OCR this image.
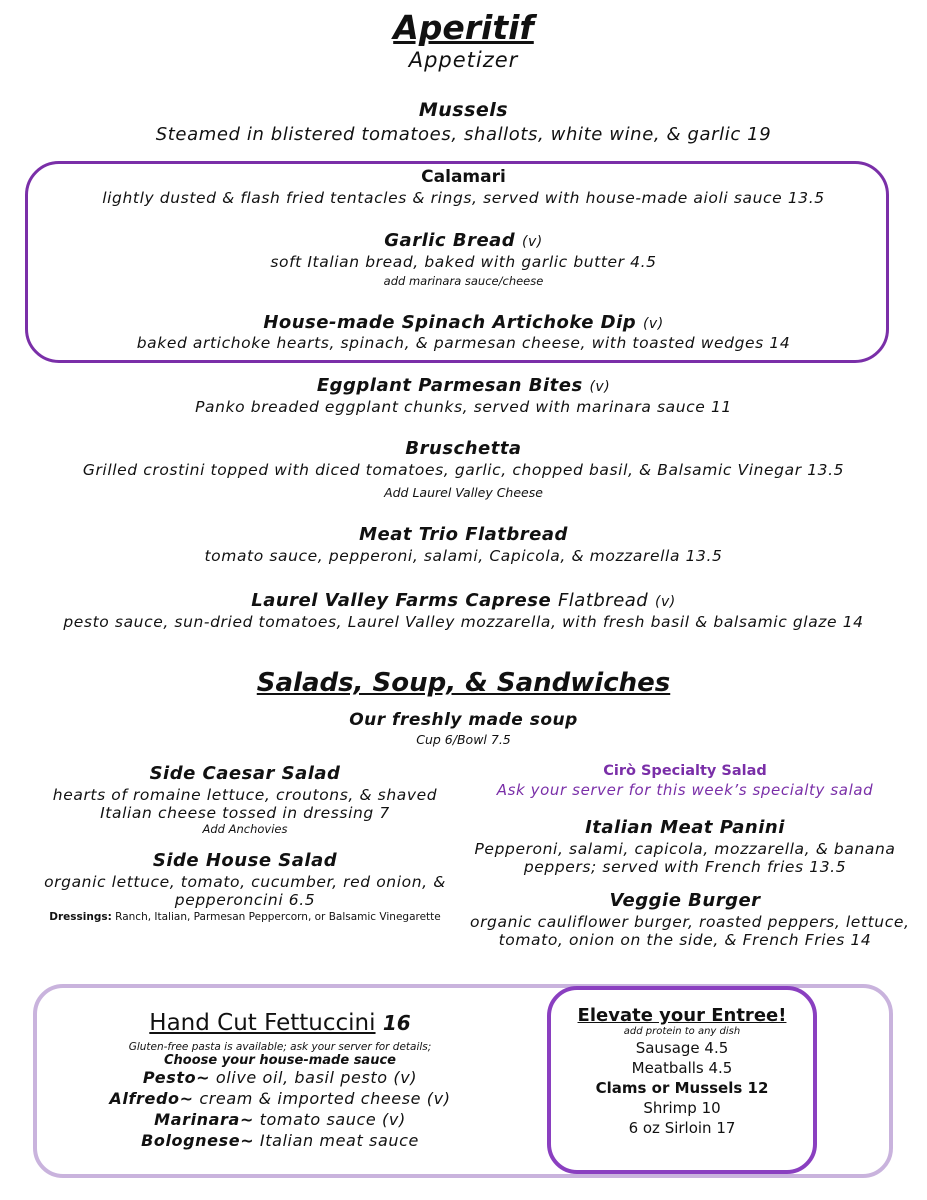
Aperitif
Appetizer
Mussels
Steamed in blistered tomatoes, shallots, white wine, & garlic 19
Calamari
lightly dusted & flash fried tentacles & rings, served with house-made aioli sauce 13.5
Garlic Bread (v)
soft Italian bread, baked with garlic butter 4.5
add marinara sauce/cheese
House-made Spinach Artichoke Dip (v)
baked artichoke hearts, spinach, & parmesan cheese, with toasted wedges 14
Eggplant Parmesan Bites (v)
Panko breaded eggplant chunks, served with marinara sauce 11
Bruschetta
Grilled crostini topped with diced tomatoes, garlic, chopped basil, & Balsamic Vinegar 13.5
Add Laurel Valley Cheese
Meat Trio Flatbread
tomato sauce, pepperoni, salami, Capicola, & mozzarella 13.5
Laurel Valley Farms Caprese Flatbread (v)
pesto sauce, sun-dried tomatoes, Laurel Valley mozzarella, with fresh basil & balsamic glaze 14
Salads, Soup, & Sandwiches
Our freshly made soup
Cup 6/Bowl 7.5
Side Caesar Salad
hearts of romaine lettuce, croutons, & shaved
Italian cheese tossed in dressing 7
Add Anchovies
Side House Salad
organic lettuce, tomato, cucumber, red onion, &
pepperoncini 6.5
Dressings: Ranch, Italian, Parmesan Peppercorn, or Balsamic Vinegarette
Cirò Specialty Salad
Ask your server for this week’s specialty salad
Italian Meat Panini
Pepperoni, salami, capicola, mozzarella, & banana
peppers; served with French fries 13.5
Veggie Burger
organic cauliflower burger, roasted peppers, lettuce,
tomato, onion on the side, & French Fries 14
Hand Cut Fettuccini 16
Gluten-free pasta is available; ask your server for details;
Choose your house-made sauce
Pesto~ olive oil, basil pesto (v)
Alfredo~ cream & imported cheese (v)
Marinara~ tomato sauce (v)
Bolognese~ Italian meat sauce
Elevate your Entree!
add protein to any dish
Sausage 4.5
Meatballs 4.5
Clams or Mussels 12
Shrimp 10
6 oz Sirloin 17
